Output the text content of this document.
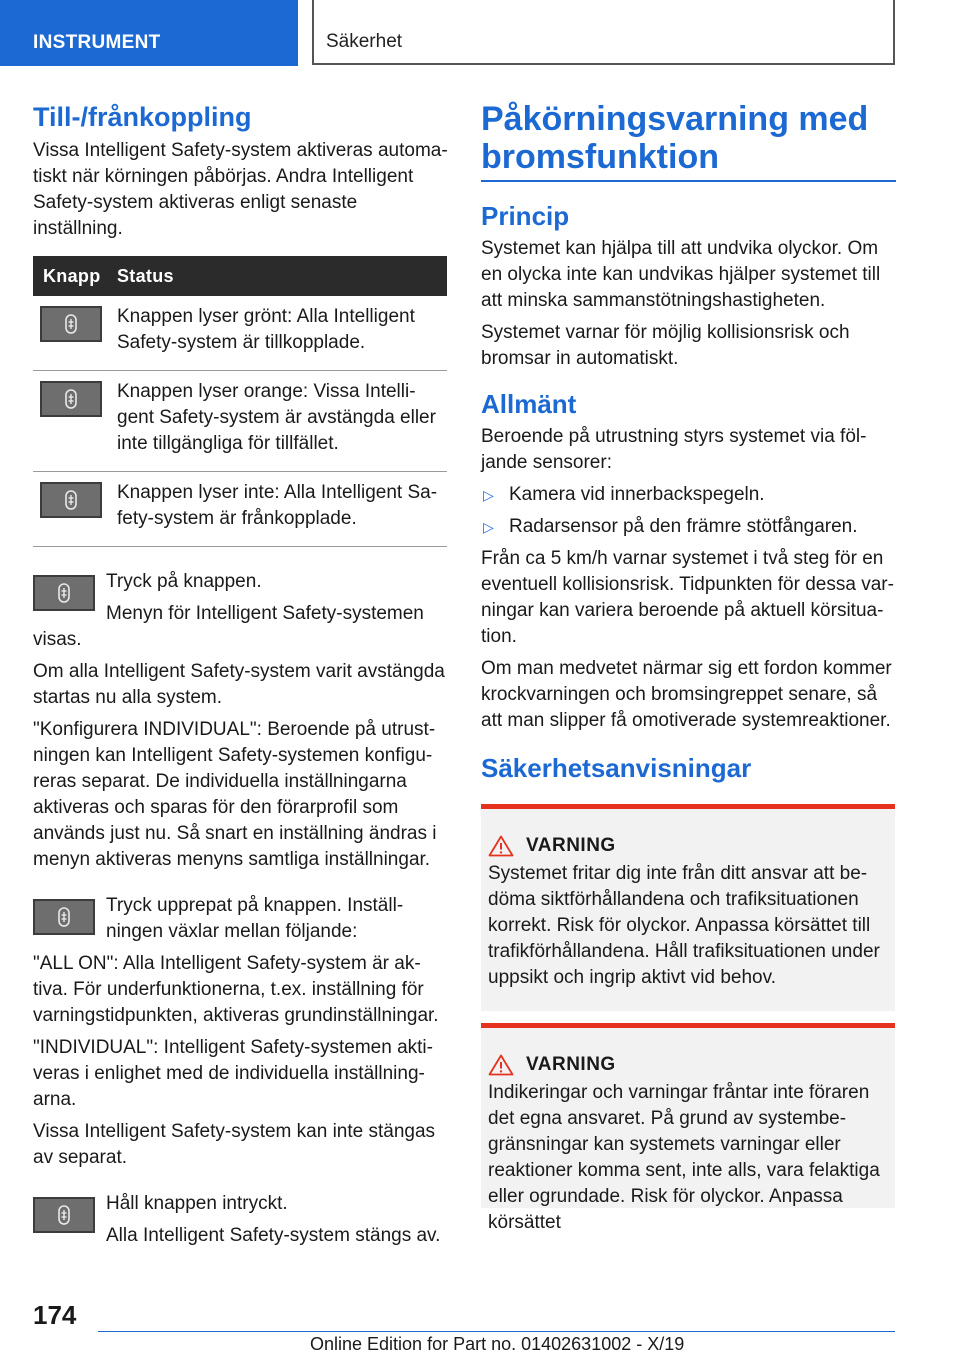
INSTRUMENT	Säkerhet
Till-/frånkoppling

Vissa Intelligent Safety-system aktiveras automatiskt när körningen påbörjas. Andra Intelligent Safety-system aktiveras enligt senaste inställning.

Knapp	Status

	Knappen lyser grönt: Alla Intelligent Safety-system är tillkopplade.

	Knappen lyser orange: Vissa Intelligent Safety-system är avstängda eller inte tillgängliga för tillfället.

	Knappen lyser inte: Alla Intelligent Safety-system är frånkopplade.

Tryck på knappen.

Menyn för Intelligent Safety-systemen visas.

Om alla Intelligent Safety-system varit avstängda startas nu alla system.

"Konfigurera INDIVIDUAL": Beroende på utrustningen kan Intelligent Safety-systemen konfigureras separat. De individuella inställningarna aktiveras och sparas för den förarprofil som används just nu. Så snart en inställning ändras i menyn aktiveras menyns samtliga inställningar.

Tryck upprepat på knappen. Inställningen växlar mellan följande:

"ALL ON": Alla Intelligent Safety-system är aktiva. För underfunktionerna, t.ex. inställning för varningstidpunkten, aktiveras grundinställningar.

"INDIVIDUAL": Intelligent Safety-systemen aktiveras i enlighet med de individuella inställningarna.

Vissa Intelligent Safety-system kan inte stängas av separat.

Håll knappen intryckt.

Alla Intelligent Safety-system stängs av.

Påkörningsvarning med bromsfunktion
Princip

Systemet kan hjälpa till att undvika olyckor. Om en olycka inte kan undvikas hjälper systemet till att minska sammanstötningshastigheten.

Systemet varnar för möjlig kollisionsrisk och bromsar in automatiskt.

Allmänt

Beroende på utrustning styrs systemet via följande sensorer:

▷ Kamera vid innerbackspegeln.
▷ Radarsensor på den främre stötfångaren.

Från ca 5 km/h varnar systemet i två steg för en eventuell kollisionsrisk. Tidpunkten för dessa varningar kan variera beroende på aktuell körsituation.

Om man medvetet närmar sig ett fordon kommer krockvarningen och bromsingreppet senare, så att man slipper få omotiverade systemreaktioner.

Säkerhetsanvisningar
VARNING

Systemet fritar dig inte från ditt ansvar att bedöma siktförhållandena och trafiksituationen korrekt. Risk för olyckor. Anpassa körsättet till trafikförhållandena. Håll trafiksituationen under uppsikt och ingrip aktivt vid behov.

VARNING

Indikeringar och varningar fråntar inte föraren det egna ansvaret. På grund av systembegränsningar kan systemets varningar eller reaktioner komma sent, inte alls, vara felaktiga eller ogrundade. Risk för olyckor. Anpassa körsättet

174
Online Edition for Part no. 01402631002 - X/19
